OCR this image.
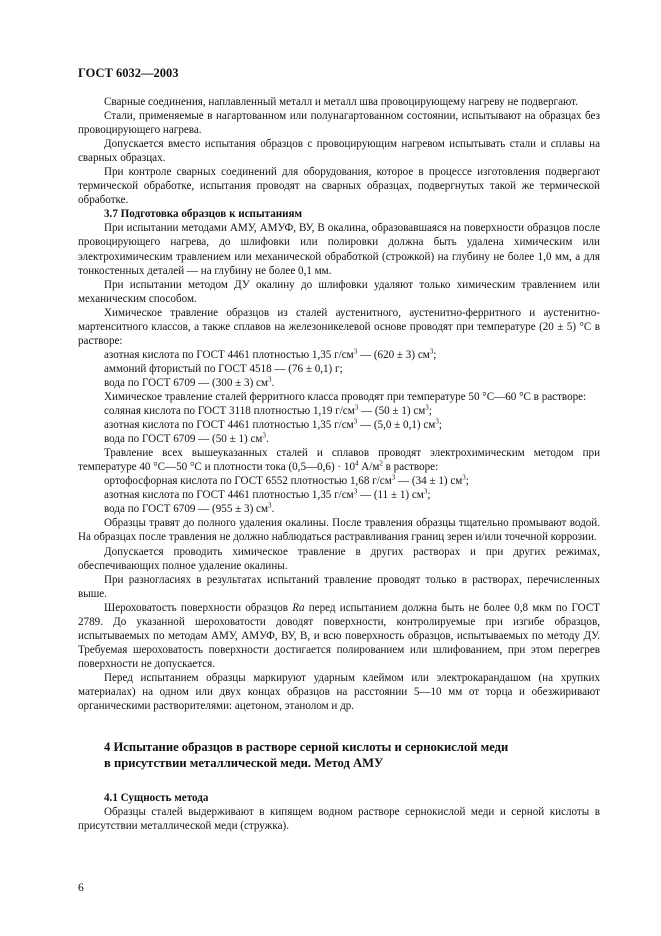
ГОСТ 6032—2003

Сварные соединения, наплавленный металл и металл шва провоцирующему нагреву не подвергают.

Стали, применяемые в нагартованном или полунагартованном состоянии, испытывают на образцах без провоцирующего нагрева.

Допускается вместо испытания образцов с провоцирующим нагревом испытывать стали и сплавы на сварных образцах.

При контроле сварных соединений для оборудования, которое в процессе изготовления подвергают термической обработке, испытания проводят на сварных образцах, подвергнутых такой же термической обработке.

3.7 Подготовка образцов к испытаниям

При испытании методами АМУ, АМУФ, ВУ, В окалина, образовавшаяся на поверхности образцов после провоцирующего нагрева, до шлифовки или полировки должна быть удалена химическим или электрохимическим травлением или механической обработкой (строжкой) на глубину не более 1,0 мм, а для тонкостенных деталей — на глубину не более 0,1 мм.

При испытании методом ДУ окалину до шлифовки удаляют только химическим травлением или механическим способом.

Химическое травление образцов из сталей аустенитного, аустенитно-ферритного и аустенитно-мартенситного классов, а также сплавов на железоникелевой основе проводят при температуре (20 ± 5) °С в растворе:

азотная кислота по ГОСТ 4461 плотностью 1,35 $г/см^3$ — (620 ± 3) $см^3$;

аммоний фтористый по ГОСТ 4518 — (76 ± 0,1) г;

вода по ГОСТ 6709 — (300 ± 3) $см^3$.

Химическое травление сталей ферритного класса проводят при температуре 50 °С—60 °С в растворе:

соляная кислота по ГОСТ 3118 плотностью 1,19 $г/см^3$ — (50 ± 1) $см^3$;

азотная кислота по ГОСТ 4461 плотностью 1,35 $г/см^3$ — (5,0 ± 0,1) $см^3$;

вода по ГОСТ 6709 — (50 ± 1) $см^3$.

Травление всех вышеуказанных сталей и сплавов проводят электрохимическим методом при температуре 40 °С—50 °С и плотности тока (0,5—0,6) · $10^4$ $А/м^2$ в растворе:

ортофосфорная кислота по ГОСТ 6552 плотностью 1,68 $г/см^3$ — (34 ± 1) $см^3$;

азотная кислота по ГОСТ 4461 плотностью 1,35 $г/см^3$ — (11 ± 1) $см^3$;

вода по ГОСТ 6709 — (955 ± 3) $см^3$.

Образцы травят до полного удаления окалины. После травления образцы тщательно промывают водой. На образцах после травления не должно наблюдаться растравливания границ зерен и/или точечной коррозии.

Допускается проводить химическое травление в других растворах и при других режимах, обеспечивающих полное удаление окалины.

При разногласиях в результатах испытаний травление проводят только в растворах, перечисленных выше.

Шероховатость поверхности образцов Ra перед испытанием должна быть не более 0,8 мкм по ГОСТ 2789. До указанной шероховатости доводят поверхности, контролируемые при изгибе образцов, испытываемых по методам АМУ, АМУФ, ВУ, В, и всю поверхность образцов, испытываемых по методу ДУ. Требуемая шероховатость поверхности достигается полированием или шлифованием, при этом перегрев поверхности не допускается.

Перед испытанием образцы маркируют ударным клеймом или электрокарандашом (на хрупких материалах) на одном или двух концах образцов на расстоянии 5—10 мм от торца и обезжиривают органическими растворителями: ацетоном, этанолом и др.

4 Испытание образцов в растворе серной кислоты и сернокислой меди
в присутствии металлической меди. Метод АМУ

4.1 Сущность метода

Образцы сталей выдерживают в кипящем водном растворе сернокислой меди и серной кислоты в присутствии металлической меди (стружка).

6
